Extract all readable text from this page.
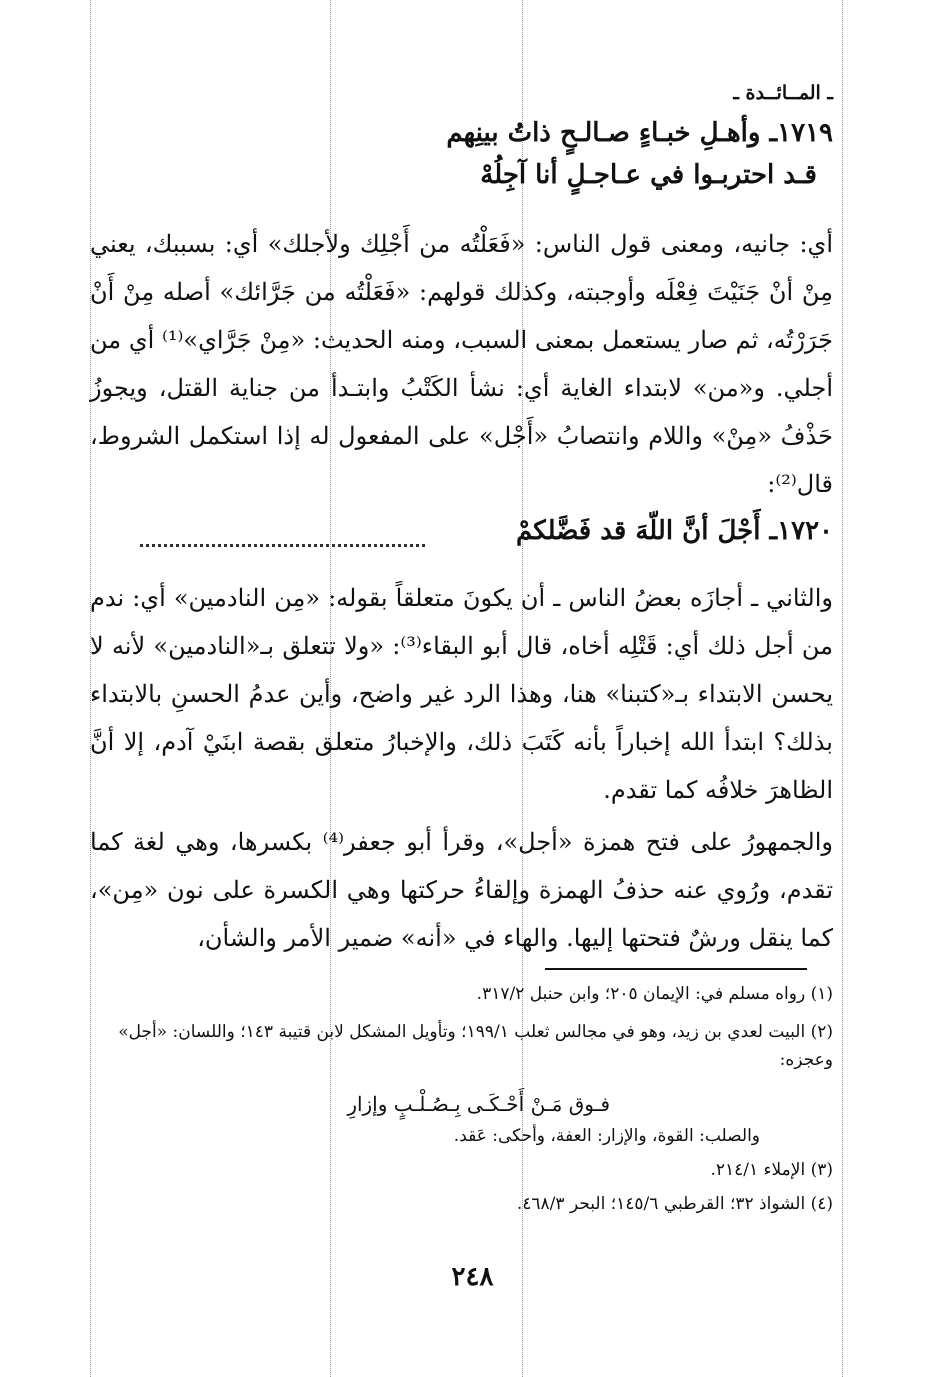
ـ المــائــدة ـ
١٧١٩ـ وأهـلِ خبـاءٍ صـالـحٍ ذاتُ بينِهم
قـد احتربـوا في عـاجـلٍ أنا آجِلُهْ
أي: جانيه، ومعنى قول الناس: «فَعَلْتُه من أَجْلِك ولأجلك» أي: بسببك، يعني مِنْ أنْ جَنَيْتَ فِعْلَه وأوجبته، وكذلك قولهم: «فَعَلْتُه من جَرَّائك» أصله مِنْ أَنْ جَرَرْتُه، ثم صار يستعمل بمعنى السبب، ومنه الحديث: «مِنْ جَرَّاي»⁽¹⁾ أي من أجلي. و«من» لابتداء الغاية أي: نشأ الكَتْبُ وابتـدأ من جناية القتل، ويجوزُ حَذْفُ «مِنْ» واللام وانتصابُ «أَجْل» على المفعول له إذا استكمل الشروط، قال⁽²⁾:
١٧٢٠ـ أَجْلَ أنَّ اللّهَ قد فَضَّلكمْ
والثاني ـ أجازَه بعضُ الناس ـ أن يكونَ متعلقاً بقوله: «مِن النادمين» أي: ندم من أجل ذلك أي: قَتْلِه أخاه، قال أبو البقاء⁽³⁾: «ولا تتعلق بـ«النادمين» لأنه لا يحسن الابتداء بـ«كتبنا» هنا، وهذا الرد غير واضح، وأين عدمُ الحسنِ بالابتداء بذلك؟ ابتدأ الله إخباراً بأنه كَتَبَ ذلك، والإخبارُ متعلق بقصة ابنَيْ آدم، إلا أنَّ الظاهرَ خلافُه كما تقدم.
والجمهورُ على فتح همزة «أجل»، وقرأ أبو جعفر⁽⁴⁾ بكسرها، وهي لغة كما تقدم، ورُوي عنه حذفُ الهمزة وإلقاءُ حركتها وهي الكسرة على نون «مِن»، كما ينقل ورشٌ فتحتها إليها. والهاء في «أنه» ضمير الأمر والشأن،
(١) رواه مسلم في: الإيمان ٢٠٥؛ وابن حنبل ٣١٧/٢.
(٢) البيت لعدي بن زيد، وهو في مجالس ثعلب ١٩٩/١؛ وتأويل المشكل لابن قتيبة ١٤٣؛ واللسان: «أجل» وعجزه:
فـوق مَـنْ أَحْـكَـى بِـصُـلْـبٍ وإزارِ
والصلب: القوة، والإزار: العفة، وأحكى: عَقد.
(٣) الإملاء ٢١٤/١.
(٤) الشواذ ٣٢؛ القرطبي ١٤٥/٦؛ البحر ٤٦٨/٣.
٢٤٨
